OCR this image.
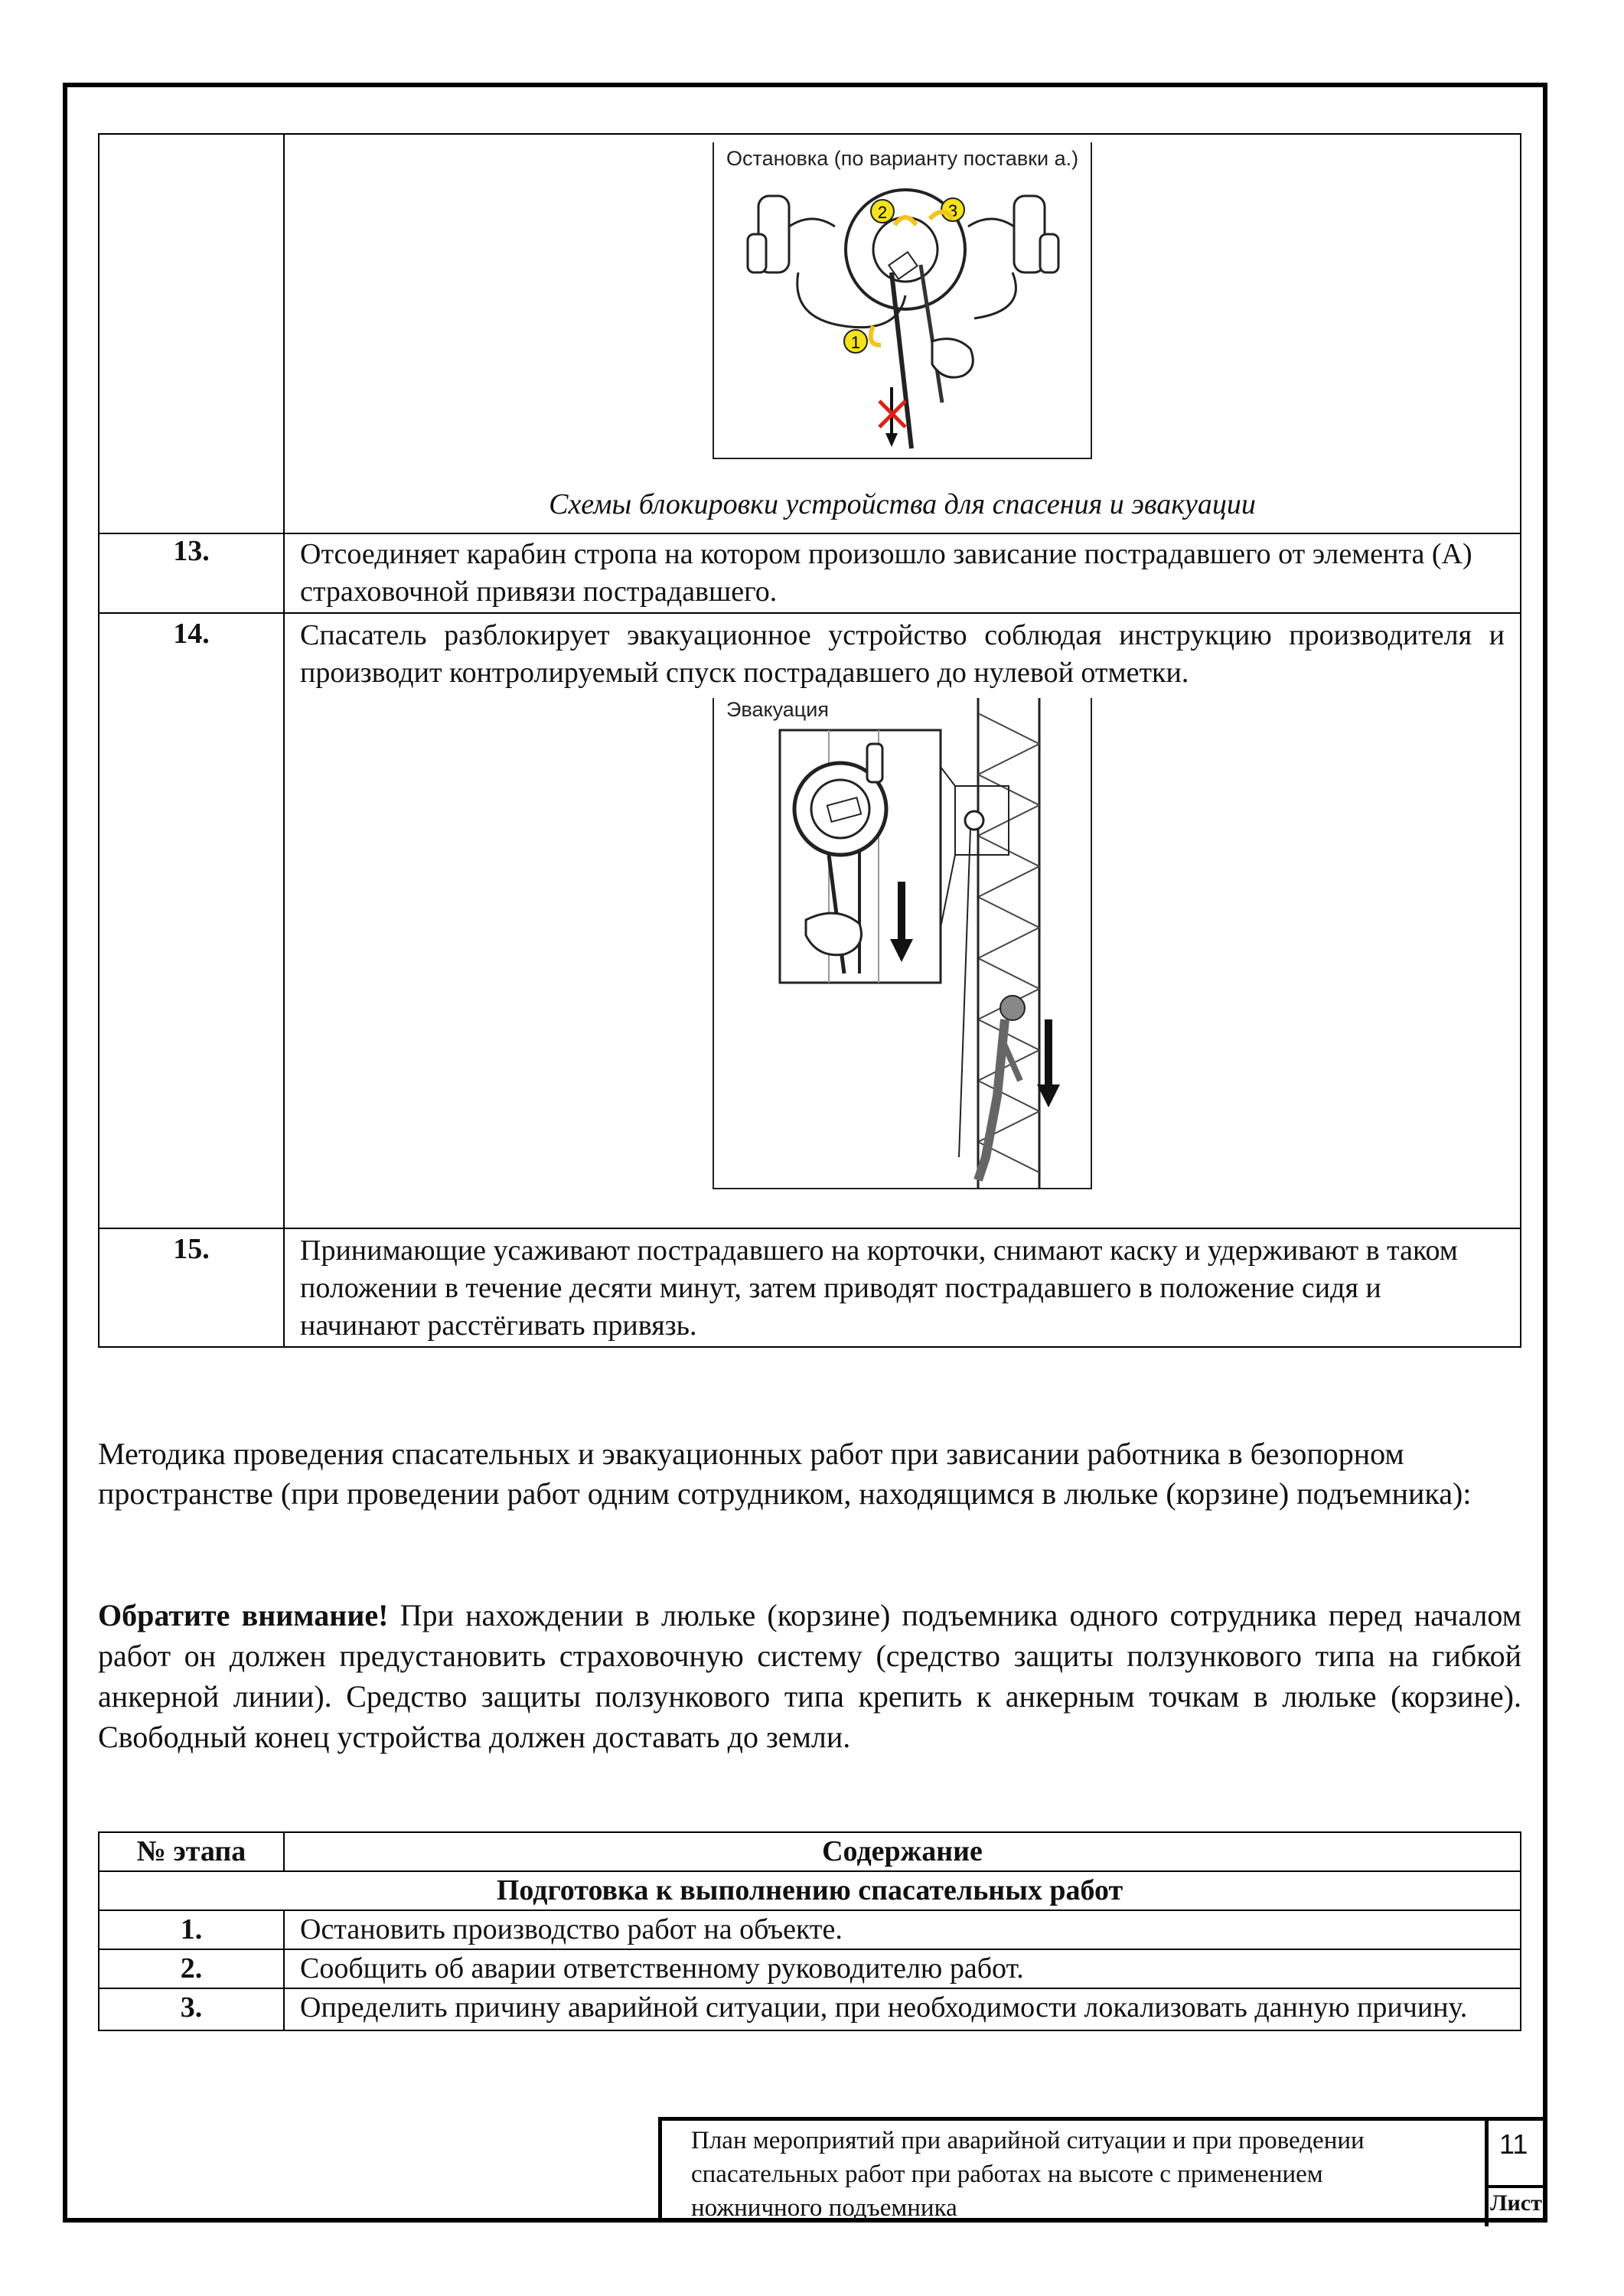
	Остановка (по варианту поставки а.)
1
2 3
Схемы блокировки устройства для спасения и эвакуации

13.	Отсоединяет карабин стропа на котором произошло зависание пострадавшего от элемента (А) страховочной привязи пострадавшего.
14.	Спасатель разблокирует эвакуационное устройство соблюдая инструкцию производителя и производит контролируемый спуск пострадавшего до нулевой отметки.
Эвакуация

15.	Принимающие усаживают пострадавшего на корточки, снимают каску и удерживают в таком положении в течение десяти минут, затем приводят пострадавшего в положение сидя и начинают расстёгивать привязь.
Методика проведения спасательных и эвакуационных работ при зависании работника в безопорном пространстве (при проведении работ одним сотрудником, находящимся в люльке (корзине) подъемника):
Обратите внимание! При нахождении в люльке (корзине) подъемника одного сотрудника перед началом работ он должен предустановить страховочную систему (средство защиты ползункового типа на гибкой анкерной линии). Средство защиты ползункового типа крепить к анкерным точкам в люльке (корзине). Свободный конец устройства должен доставать до земли.
№ этапа	Содержание
Подготовка к выполнению спасательных работ	
1.	Остановить производство работ на объекте.
2.	Сообщить об аварии ответственному руководителю работ.
3.	Определить причину аварийной ситуации, при необходимости локализовать данную причину.
План мероприятий при аварийной ситуации и при проведении спасательных работ при работах на высоте с применением ножничного подъемника
11
Лист
